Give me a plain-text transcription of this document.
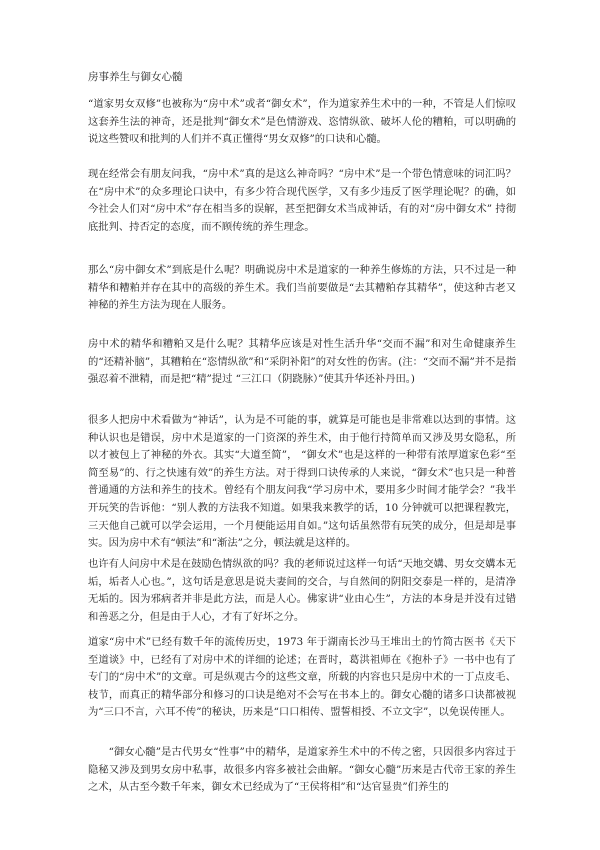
房事养生与御女心髓

“道家男女双修”也被称为“房中术”或者“御女术”，作为道家养生术中的一种，不管是人们惊叹这套养生法的神奇，还是批判“御女术”是色情游戏、恣情纵欲、破坏人伦的糟粕，可以明确的说这些赞叹和批判的人们并不真正懂得“男女双修”的口诀和心髓。

现在经常会有朋友问我，“房中术”真的是这么神奇吗？“房中术”是一个带色情意味的词汇吗？在“房中术”的众多理论口诀中，有多少符合现代医学，又有多少违反了医学理论呢？的确，如今社会人们对“房中术”存在相当多的误解，甚至把御女术当成神话，有的对“房中御女术” 持彻底批判、持否定的态度，而不顾传统的养生理念。

那么“房中御女术”到底是什么呢？明确说房中术是道家的一种养生修炼的方法，只不过是一种精华和糟粕并存在其中的高级的养生术。我们当前要做是“去其糟粕存其精华”，使这种古老又神秘的养生方法为现在人服务。

房中术的精华和糟粕又是什么呢？其精华应该是对性生活升华“交而不漏”和对生命健康养生的“还精补脑”，其糟粕在“恣情纵欲”和“采阴补阳”的对女性的伤害。(注：“交而不漏”并不是指强忍着不泄精，而是把“精”提过 “三江口（阴跷脉）”使其升华还补丹田。)

很多人把房中术看做为“神话”，认为是不可能的事，就算是可能也是非常难以达到的事情。这种认识也是错误，房中术是道家的一门资深的养生术，由于他行持简单而又涉及男女隐私，所以才被包上了神秘的外衣。其实“大道至简”， “御女术”也是这样的一种带有浓厚道家色彩“至简至易”的、行之快速有效”的养生方法。对于得到口诀传承的人来说，“御女术”也只是一种普普通通的方法和养生的技术。曾经有个朋友问我“学习房中术，要用多少时间才能学会？”我半开玩笑的告诉他：“别人教的方法我不知道。如果我来教学的话，10 分钟就可以把课程教完，三天他自己就可以学会运用，一个月便能运用自如。”这句话虽然带有玩笑的成分，但是却是事实。因为房中术有“顿法”和“渐法”之分，顿法就是这样的。

也许有人问房中术是在鼓励色情纵欲的吗？我的老师说过这样一句话“天地交媾、男女交媾本无垢，垢者人心也。”，这句话是意思是说夫妻间的交合，与自然间的阴阳交泰是一样的，是清净无垢的。因为邪病者并非是此方法，而是人心。佛家讲“业由心生”，方法的本身是并没有过错和善恶之分，但是由于人心，才有了好坏之分。

道家“房中术”已经有数千年的流传历史，1973 年于湖南长沙马王堆出土的竹简古医书《天下至道谈》中，已经有了对房中术的详细的论述；在晋时，葛洪祖师在《抱朴子》一书中也有了专门的“房中术”的文章。可是纵观古今的这些文章，所载的内容也只是房中术的一丁点皮毛、枝节，而真正的精华部分和修习的口诀是绝对不会写在书本上的。御女心髓的诸多口诀都被视为“三口不言，六耳不传”的秘诀，历来是“口口相传、盟誓相授、不立文字”，以免误传匪人。

“御女心髓”是古代男女“性事”中的精华，是道家养生术中的不传之密，只因很多内容过于隐秘又涉及到男女房中私事，故很多内容多被社会曲解。“御女心髓”历来是古代帝王家的养生之术，从古至今数千年来，御女术已经成为了“王侯将相”和“达官显贵”们养生的
